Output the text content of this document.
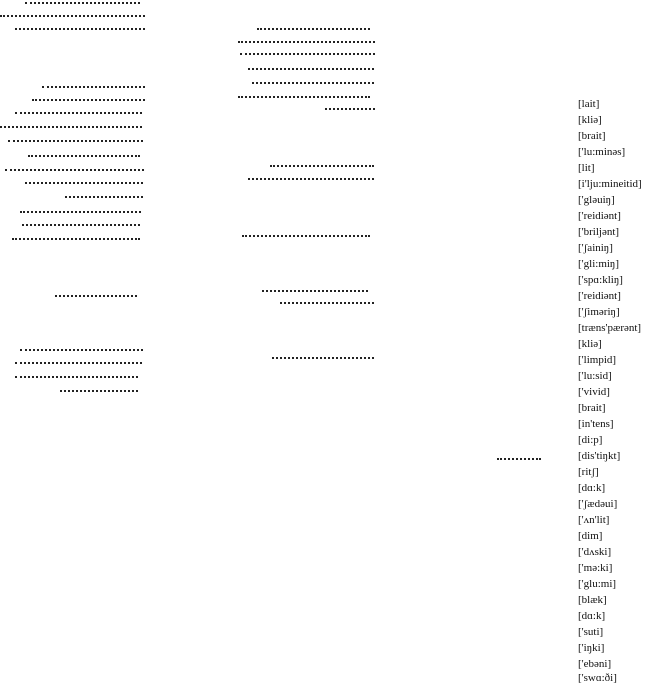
[lait]
[kliə]
[brait]
['lu:minəs]
[lit]
[i'lju:mineitid]
['gləuiŋ]
['reidiənt]
['briljənt]
['ʃainiŋ]
['gli:miŋ]
['spɑ:kliŋ]
['reidiənt]
['ʃimәriŋ]
[træns'pærənt]
[kliə]
['limpid]
['lu:sid]
['vivid]
[brait]
[in'tens]
[di:p]
[dis'tiŋkt]
[ritʃ]
[dɑ:k]
['ʃædəui]
['ʌn'lit]
[dim]
['dʌski]
['mə:ki]
['glu:mi]
[blæk]
[dɑ:k]
['suti]
['iŋki]
['ebəni]
['swɑ:ði]
